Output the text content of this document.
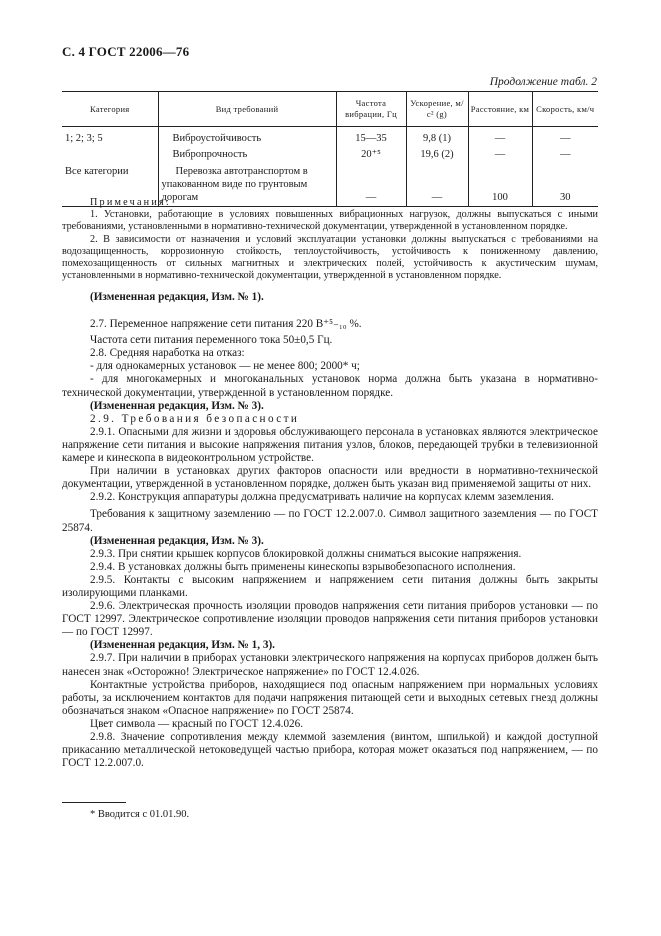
С. 4 ГОСТ 22006—76
Продолжение табл. 2
Категория	Вид требований	Частота вибрации, Гц	Ускорение, м/с² (g)	Расстояние, км	Скорость, км/ч
1; 2; 3; 5	Виброустойчивость	15—35	9,8 (1)	—	—
	Вибропрочность	20⁺⁵	19,6 (2)	—	—
Все категории	Перевозка автотранспортом в упакованном виде по грунтовым дорогам	—	—	100	30

Примечания:

1. Установки, работающие в условиях повышенных вибрационных нагрузок, должны выпускаться с иными требованиями, установленными в нормативно-технической документации, утвержденной в установленном порядке.

2. В зависимости от назначения и условий эксплуатации установки должны выпускаться с требованиями на водозащищенность, коррозионную стойкость, теплоустойчивость, устойчивость к пониженному давлению, помехозащищенность от сильных магнитных и электрических полей, устойчивость к акустическим шумам, установленными в нормативно-технической документации, утвержденной в установленном порядке.

(Измененная редакция, Изм. № 1).

2.7. Переменное напряжение сети питания 220 В⁺⁵₋₁₀ %.

Частота сети питания переменного тока 50±0,5 Гц.

2.8. Средняя наработка на отказ:

- для однокамерных установок — не менее 800; 2000* ч;

- для многокамерных и многоканальных установок норма должна быть указана в нормативно-технической документации, утвержденной в установленном порядке.

(Измененная редакция, Изм. № 3).

2.9. Требования безопасности

2.9.1. Опасными для жизни и здоровья обслуживающего персонала в установках являются электрическое напряжение сети питания и высокие напряжения питания узлов, блоков, передающей трубки в телевизионной камере и кинескопа в видеоконтрольном устройстве.

При наличии в установках других факторов опасности или вредности в нормативно-технической документации, утвержденной в установленном порядке, должен быть указан вид применяемой защиты от них.

2.9.2. Конструкция аппаратуры должна предусматривать наличие на корпусах клемм заземления.

Требования к защитному заземлению — по ГОСТ 12.2.007.0. Символ защитного заземления — по ГОСТ 25874.

(Измененная редакция, Изм. № 3).

2.9.3. При снятии крышек корпусов блокировкой должны сниматься высокие напряжения.

2.9.4. В установках должны быть применены кинескопы взрывобезопасного исполнения.

2.9.5. Контакты с высоким напряжением и напряжением сети питания должны быть закрыты изолирующими планками.

2.9.6. Электрическая прочность изоляции проводов напряжения сети питания приборов установки — по ГОСТ 12997. Электрическое сопротивление изоляции проводов напряжения сети питания приборов установки — по ГОСТ 12997.

(Измененная редакция, Изм. № 1, 3).

2.9.7. При наличии в приборах установки электрического напряжения на корпусах приборов должен быть нанесен знак «Осторожно! Электрическое напряжение» по ГОСТ 12.4.026.

Контактные устройства приборов, находящиеся под опасным напряжением при нормальных условиях работы, за исключением контактов для подачи напряжения питающей сети и выходных сетевых гнезд должны обозначаться знаком «Опасное напряжение» по ГОСТ 25874.

Цвет символа — красный по ГОСТ 12.4.026.

2.9.8. Значение сопротивления между клеммой заземления (винтом, шпилькой) и каждой доступной прикасанию металлической нетоковедущей частью прибора, которая может оказаться под напряжением, — по ГОСТ 12.2.007.0.

* Вводится с 01.01.90.
